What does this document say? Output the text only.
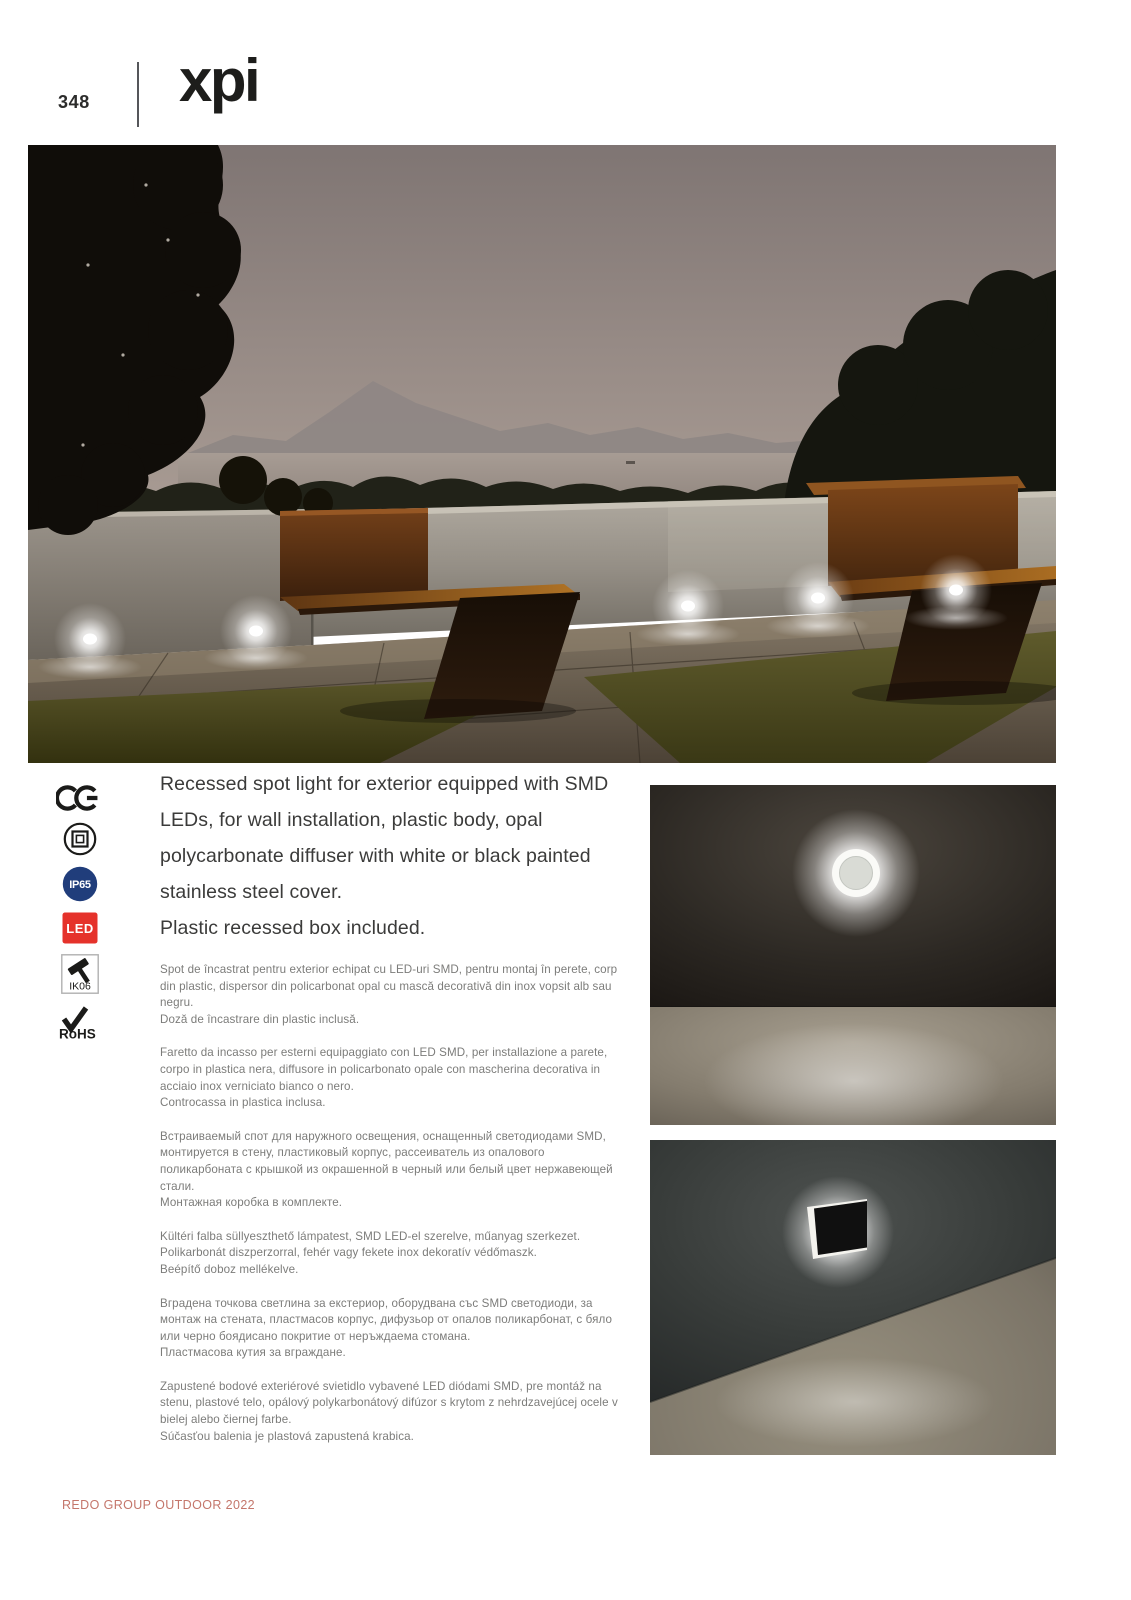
348 xpi
IP65
LED
IK06
RoHS
Recessed spot light for exterior equipped with SMD LEDs, for wall installation, plastic body, opal polycarbonate diffuser with white or black painted stainless steel cover.
Plastic recessed box included.
Spot de încastrat pentru exterior echipat cu LED-uri SMD, pentru montaj în perete, corp din plastic, dispersor din policarbonat opal cu mască decorativă din inox vopsit alb sau negru.
Doză de încastrare din plastic inclusă.
Faretto da incasso per esterni equipaggiato con LED SMD, per installazione a parete, corpo in plastica nera, diffusore in policarbonato opale con mascherina decorativa in acciaio inox verniciato bianco o nero.
Controcassa in plastica inclusa.
Встраиваемый спот для наружного освещения, оснащенный светодиодами SMD, монтируется в стену, пластиковый корпус, рассеиватель из опалового поликарбоната с крышкой из окрашенной в черный или белый цвет нержавеющей стали.
Монтажная коробка в комплекте.
Kültéri falba süllyeszthető lámpatest, SMD LED-el szerelve, műanyag szerkezet. Polikarbonát diszperzorral, fehér vagy fekete inox dekoratív védőmaszk.
Beépítő doboz mellékelve.
Вградена точкова светлина за екстериор, оборудвана със SMD светодиоди, за монтаж на стената, пластмасов корпус, дифузьор от опалов поликарбонат, с бяло или черно боядисано покритие от неръждаема стомана.
Пластмасова кутия за вграждане.
Zapustené bodové exteriérové svietidlo vybavené LED diódami SMD, pre montáž na stenu, plastové telo, opálový polykarbonátový difúzor s krytom z nehrdzavejúcej ocele v bielej alebo čiernej farbe.
Súčasťou balenia je plastová zapustená krabica.
REDO GROUP OUTDOOR 2022
